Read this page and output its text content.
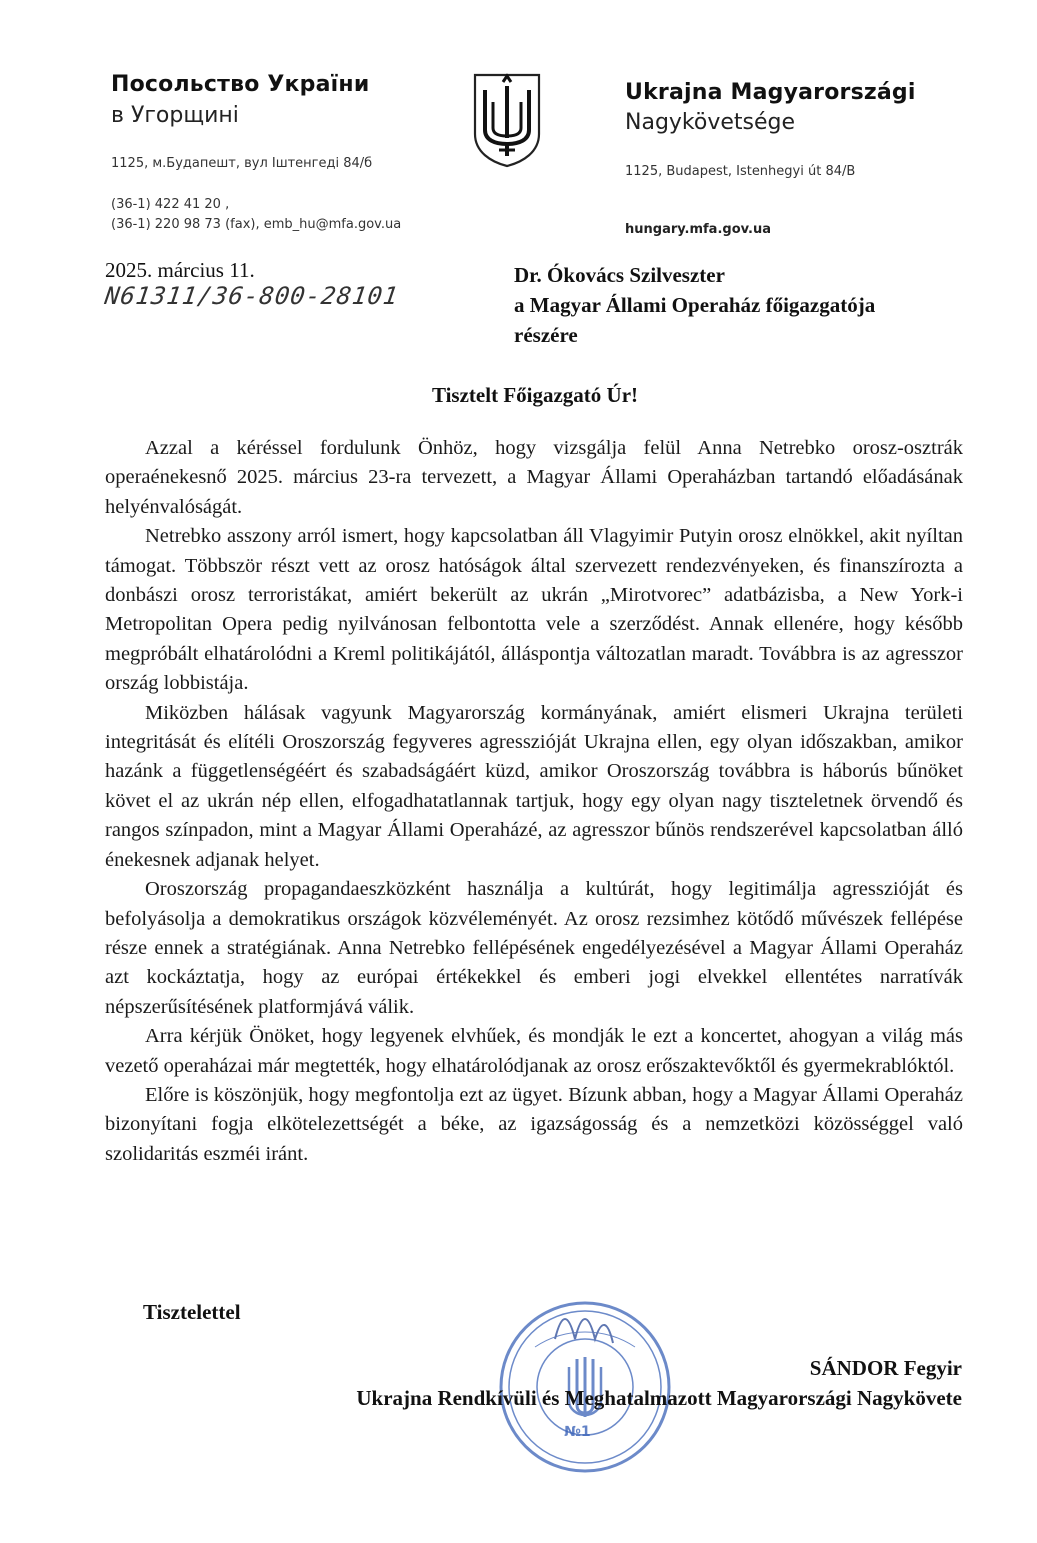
Посольство України
в Угорщині
1125, м.Будапешт, вул Іштенгеді 84/б
(36-1) 422 41 20 ,
(36-1) 220 98 73 (fax), emb_hu@mfa.gov.ua
Ukrajna Magyarországi
Nagykövetsége
1125, Budapest, Istenhegyi út 84/B
hungary.mfa.gov.ua
2025. március 11.
N61311/36-800-28101
Dr. Ókovács Szilveszter
a Magyar Állami Operaház főigazgatója
részére
Tisztelt Főigazgató Úr!

Azzal a kéréssel fordulunk Önhöz, hogy vizsgálja felül Anna Netrebko orosz-osztrák operaénekesnő 2025. március 23-ra tervezett, a Magyar Állami Operaházban tartandó előadásának helyénvalóságát.

Netrebko asszony arról ismert, hogy kapcsolatban áll Vlagyimir Putyin orosz elnökkel, akit nyíltan támogat. Többször részt vett az orosz hatóságok által szervezett rendezvényeken, és finanszírozta a donbászi orosz terroristákat, amiért bekerült az ukrán „Mirotvorec” adatbázisba, a New York-i Metropolitan Opera pedig nyilvánosan felbontotta vele a szerződést. Annak ellenére, hogy később megpróbált elhatárolódni a Kreml politikájától, álláspontja változatlan maradt. Továbbra is az agresszor ország lobbistája.

Miközben hálásak vagyunk Magyarország kormányának, amiért elismeri Ukrajna területi integritását és elítéli Oroszország fegyveres agresszióját Ukrajna ellen, egy olyan időszakban, amikor hazánk a függetlenségéért és szabadságáért küzd, amikor Oroszország továbbra is háborús bűnöket követ el az ukrán nép ellen, elfogadhatatlannak tartjuk, hogy egy olyan nagy tiszteletnek örvendő és rangos színpadon, mint a Magyar Állami Operaházé, az agresszor bűnös rendszerével kapcsolatban álló énekesnek adjanak helyet.

Oroszország propagandaeszközként használja a kultúrát, hogy legitimálja agresszióját és befolyásolja a demokratikus országok közvéleményét. Az orosz rezsimhez kötődő művészek fellépése része ennek a stratégiának. Anna Netrebko fellépésének engedélyezésével a Magyar Állami Operaház azt kockáztatja, hogy az európai értékekkel és emberi jogi elvekkel ellentétes narratívák népszerűsítésének platformjává válik.

Arra kérjük Önöket, hogy legyenek elvhűek, és mondják le ezt a koncertet, ahogyan a világ más vezető operaházai már megtették, hogy elhatárolódjanak az orosz erőszaktevőktől és gyermekrablóktól.

Előre is köszönjük, hogy megfontolja ezt az ügyet. Bízunk abban, hogy a Magyar Állami Operaház bizonyítani fogja elkötelezettségét a béke, az igazságosság és a nemzetközi közösséggel való szolidaritás eszméi iránt.

Tisztelettel
№1
SÁNDOR Fegyir
Ukrajna Rendkívüli és Meghatalmazott Magyarországi Nagykövete
